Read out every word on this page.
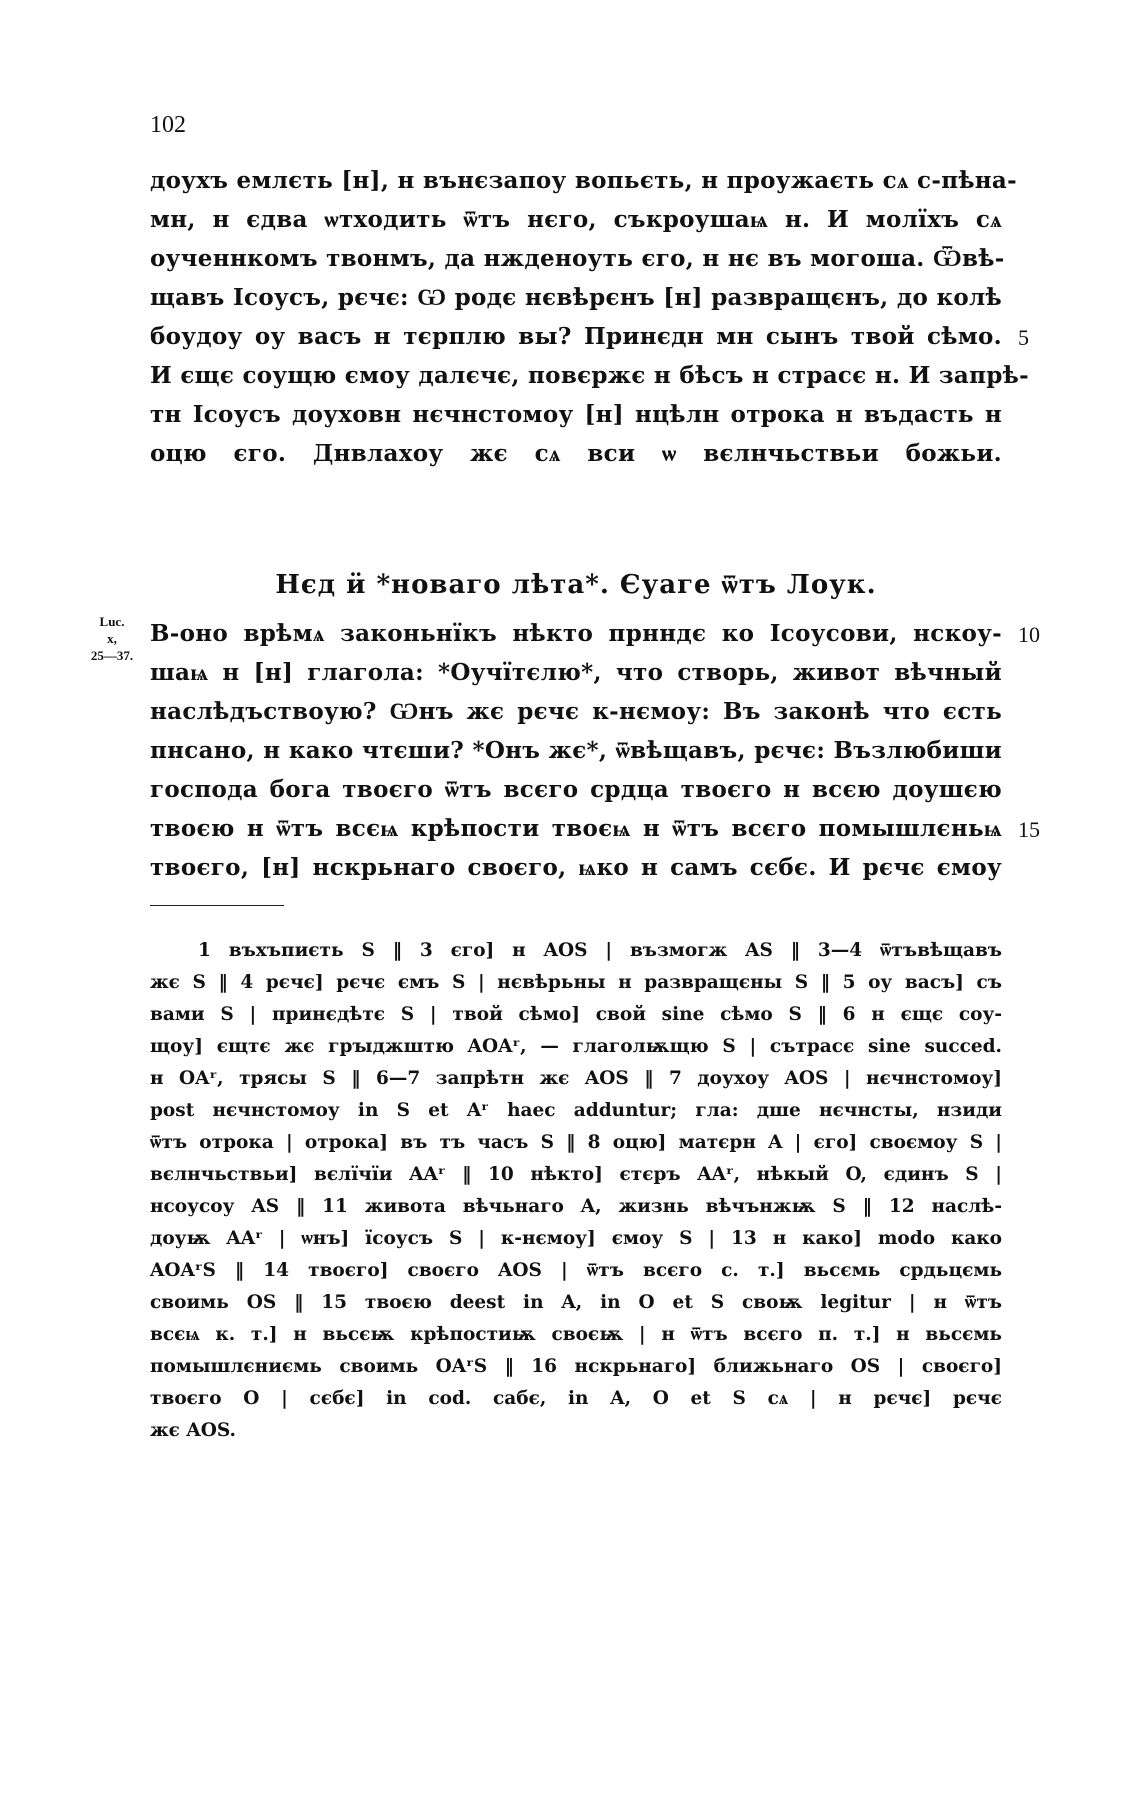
102
доухъ емлєть [н], н вънєзапоу вопьєть, н проужаєть сѧ с-пѣна-
мн, н єдва ѡтходить ѿтъ нєго, съкроушаѩ н. И молїхъ сѧ
оученнкомъ твонмъ, да нжденоуть єго, н нє въ могоша. Ѿвѣ-
щавъ Ісоусъ, рєчє: Ѡ родє нєвѣрєнъ [н] развращєнъ, до колѣ
боудоу оу васъ н тєрплю вы? Принєдн мн сынъ твой сѣмо.
И єщє соущю ємоу далєчє, повєржє н бѣсъ н страсє н. И запрѣ-
тн Ісоусъ доуховн нєчнстомоу [н] нцѣлн отрока н въдасть н
оцю єго. Днвлахоу жє сѧ вси ѡ вєлнчьствьи божьи.
5
Нєд ӥ *новаго лѣта*. Єуаге ѿтъ Лоук.
Luc.
x,
25—37.
В-оно врѣмѧ законьнїкъ нѣкто прнндє ко Ісоусови, нскоу-
шаѩ н [н] глагола: *Оучїтєлю*, что створь, живот вѣчный
наслѣдъствоую? Ѡнъ жє рєчє к-нємоу: Въ законѣ что єсть
пнсано, н како чтєши? *Онъ жє*, ѿвѣщавъ, рєчє: Възлюбиши
господа бога твоєго ѿтъ всєго срдца твоєго н всєю доушєю
твоєю н ѿтъ всєѩ крѣпости твоєѩ н ѿтъ всєго помышлєньѩ
твоєго, [н] нскрьнаго своєго, ѩко н самъ сєбє. И рєчє ємоу
10
15
1 въхъпиєть S ‖ 3 єго] н AOS | възмогж AS ‖ 3—4 ѿтъвѣщавъ
жє S ‖ 4 рєчє] рєчє ємъ S | нєвѣрьны н развращєны S ‖ 5 оу васъ] съ
вами S | принєдѣтє S | твой сѣмо] свой sine сѣмо S ‖ 6 н єщє соу-
щоу] єщтє жє грꙑджштю AOAʳ, — глаголѭщю S | сътрасє sine succed.
н OAʳ, трясы S ‖ 6—7 запрѣтн жє AOS ‖ 7 доухоу AOS | нєчнстомоу]
post нєчнстомоу in S et Aʳ haec adduntur; гла: дше нєчнсты, нзиди
ѿтъ отрока | отрока] въ тъ часъ S ‖ 8 оцю] матєрн A | єго] своємоу S |
вєлнчьствьи] вєлїчїи AAʳ ‖ 10 нѣкто] єтєръ AAʳ, нѣкый O, єдинъ S |
нсоусоу AS ‖ 11 живота вѣчьнаго A, жизнь вѣчънжѭ S ‖ 12 наслѣ-
доуѭ AAʳ | ѡнъ] їсоусъ S | к-нємоу] ємоу S | 13 н како] modo како
AOAʳS ‖ 14 твоєго] своєго AOS | ѿтъ всєго с. т.] вьсємь срдьцємь
своимь OS ‖ 15 твоєю deest in A, in O et S своѭ legitur | н ѿтъ
всєѩ к. т.] н вьсєѭ крѣпостиѭ своєѭ | н ѿтъ всєго п. т.] н вьсємь
помышлєниємь своимь OAʳS ‖ 16 нскрьнаго] ближьнаго OS | своєго]
твоєго O | сєбє] in cod. сабє, in A, O et S сѧ | н рєчє] рєчє
жє AOS.
